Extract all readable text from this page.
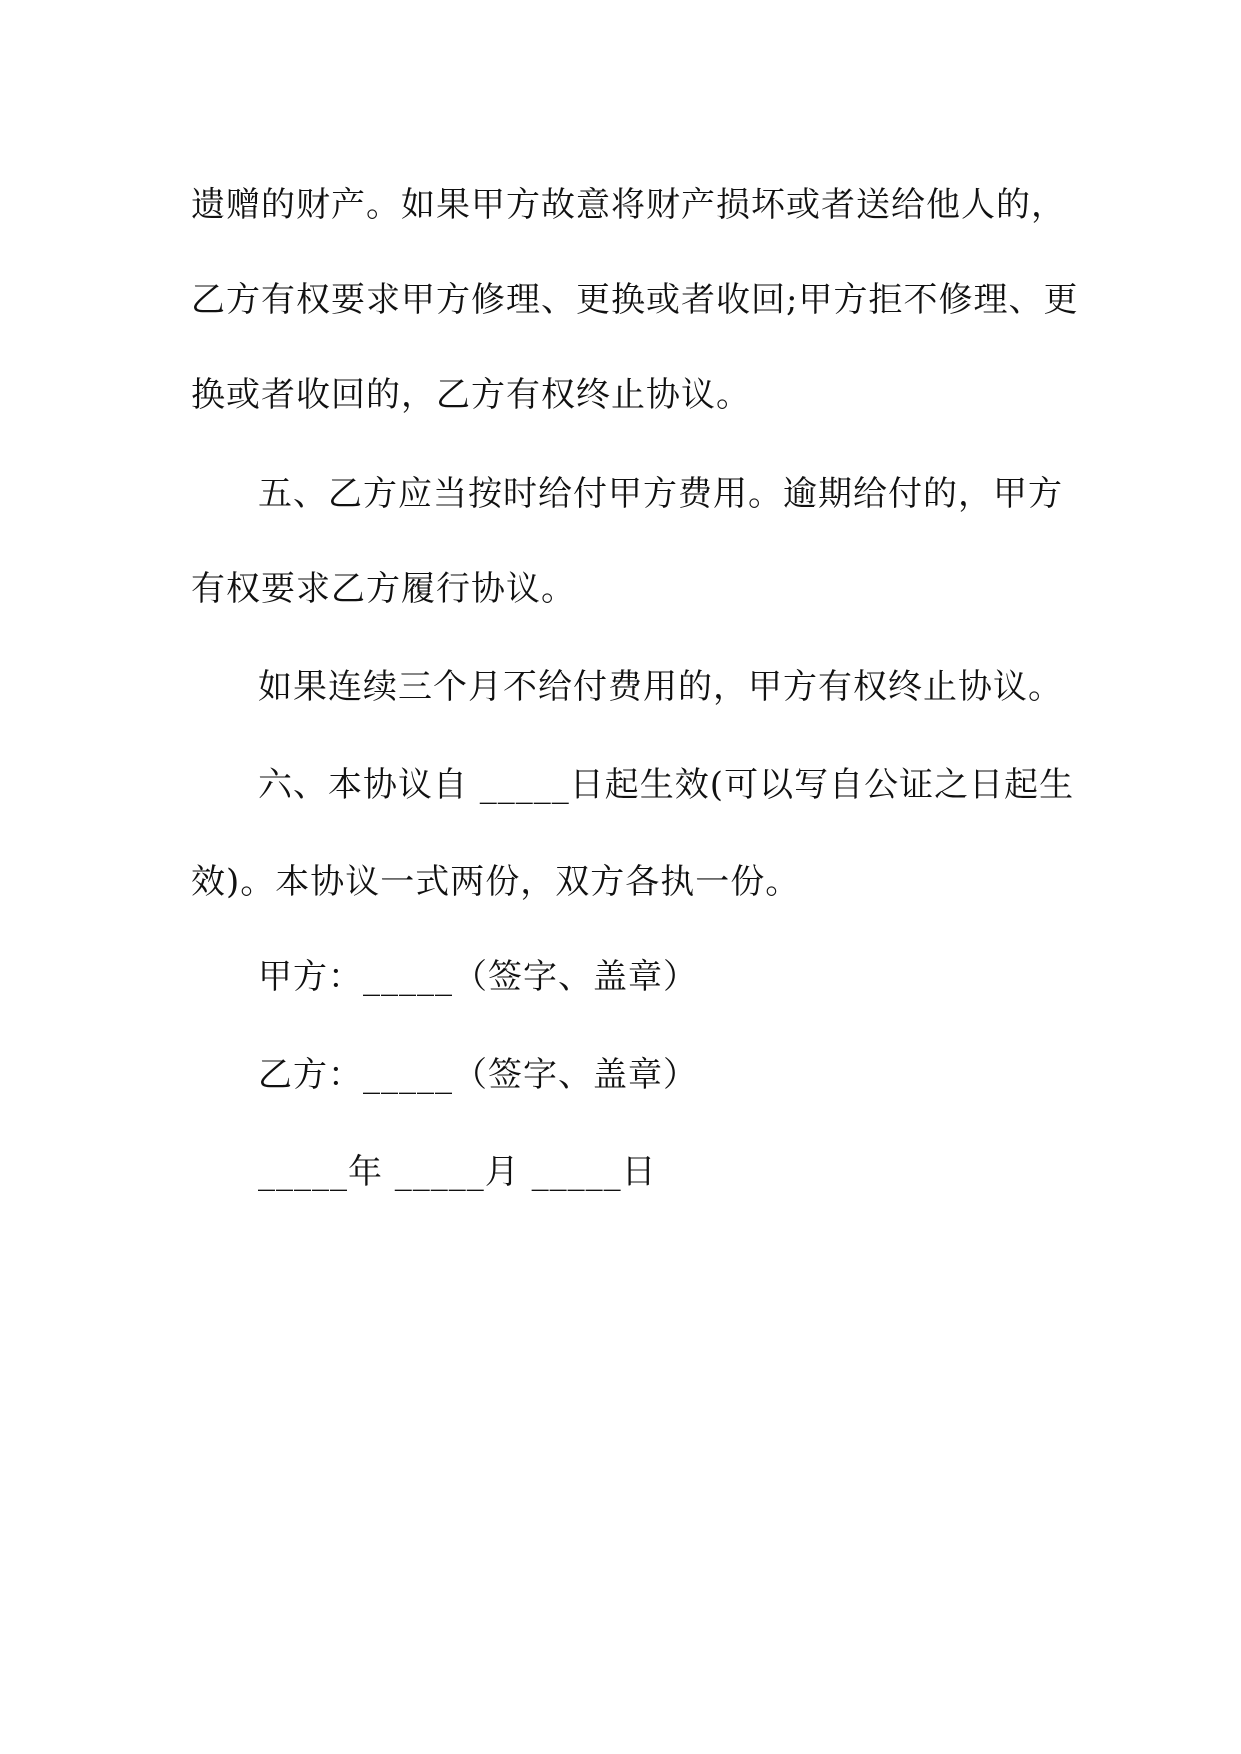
遗赠的财产。如果甲方故意将财产损坏或者送给他人的，
乙方有权要求甲方修理、更换或者收回;甲方拒不修理、更
换或者收回的，乙方有权终止协议。
五、乙方应当按时给付甲方费用。逾期给付的，甲方
有权要求乙方履行协议。
如果连续三个月不给付费用的，甲方有权终止协议。
六、本协议自 _____日起生效(可以写自公证之日起生
效)。本协议一式两份，双方各执一份。
甲方：_____（签字、盖章）
乙方：_____（签字、盖章）
_____年 _____月 _____日
